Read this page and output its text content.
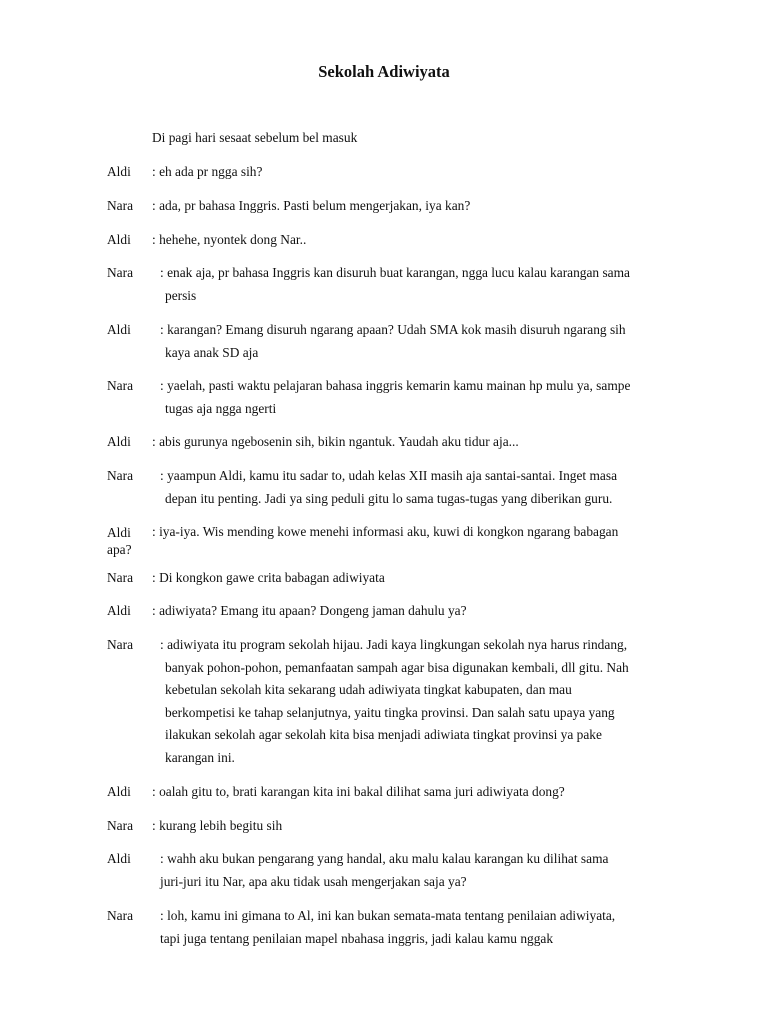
Sekolah Adiwiyata
Di pagi hari sesaat sebelum bel masuk
Aldi : eh ada pr ngga sih?
Nara : ada, pr bahasa Inggris. Pasti belum mengerjakan, iya kan?
Aldi : hehehe, nyontek dong Nar..
Nara : enak aja, pr bahasa Inggris kan disuruh buat karangan, ngga lucu kalau karangan sama
persis
Aldi : karangan? Emang disuruh ngarang apaan? Udah SMA kok masih disuruh ngarang sih
kaya anak SD aja
Nara : yaelah, pasti waktu pelajaran bahasa inggris kemarin kamu mainan hp mulu ya, sampe
tugas aja ngga ngerti
Aldi : abis gurunya ngebosenin sih, bikin ngantuk. Yaudah aku tidur aja...
Nara : yaampun Aldi, kamu itu sadar to, udah kelas XII masih aja santai-santai. Inget masa
depan itu penting. Jadi ya sing peduli gitu lo sama tugas-tugas yang diberikan guru.
Aldi apa?
: iya-iya. Wis mending kowe menehi informasi aku, kuwi di kongkon ngarang babagan
Nara : Di kongkon gawe crita babagan adiwiyata
Aldi : adiwiyata? Emang itu apaan? Dongeng jaman dahulu ya?
Nara : adiwiyata itu program sekolah hijau. Jadi kaya lingkungan sekolah nya harus rindang,
banyak pohon-pohon, pemanfaatan sampah agar bisa digunakan kembali, dll gitu. Nah
kebetulan sekolah kita sekarang udah adiwiyata tingkat kabupaten, dan mau
berkompetisi ke tahap selanjutnya, yaitu tingka provinsi. Dan salah satu upaya yang
ilakukan sekolah agar sekolah kita bisa menjadi adiwiata tingkat provinsi ya pake
karangan ini.
Aldi : oalah gitu to, brati karangan kita ini bakal dilihat sama juri adiwiyata dong?
Nara : kurang lebih begitu sih
Aldi : wahh aku bukan pengarang yang handal, aku malu kalau karangan ku dilihat sama
juri-juri itu Nar, apa aku tidak usah mengerjakan saja ya?
Nara : loh, kamu ini gimana to Al, ini kan bukan semata-mata tentang penilaian adiwiyata,
tapi juga tentang penilaian mapel nbahasa inggris, jadi kalau kamu nggak
